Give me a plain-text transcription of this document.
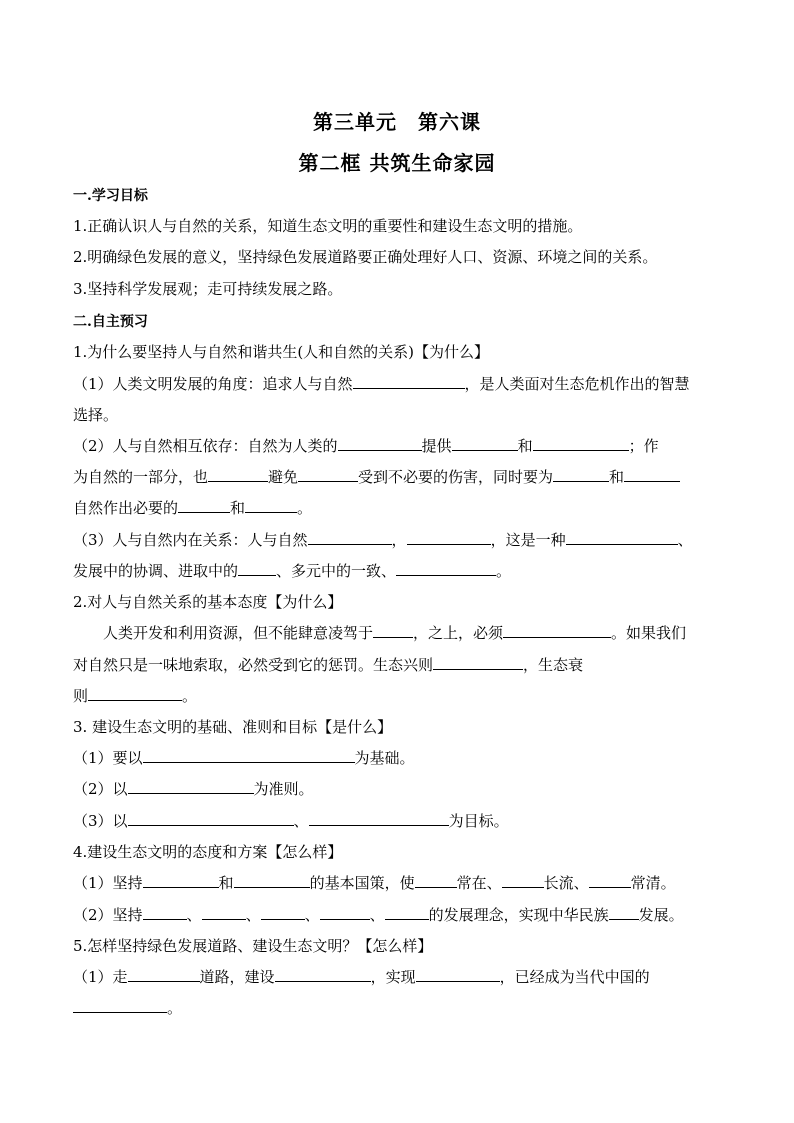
第三单元　第六课
第二框 共筑生命家园
一.学习目标
1.正确认识人与自然的关系，知道生态文明的重要性和建设生态文明的措施。
2.明确绿色发展的意义，坚持绿色发展道路要正确处理好人口、资源、环境之间的关系。
3.坚持科学发展观；走可持续发展之路。
二.自主预习
1.为什么要坚持人与自然和谐共生(人和自然的关系)【为什么】
（1）人类文明发展的角度：追求人与自然	，是人类面对生态危机作出的智慧
选择。
（2）人与自然相互依存：自然为人类的	提供	和	；作
为自然的一部分，也	避免	受到不必要的伤害，同时要为	和
自然作出必要的	和	。
（3）人与自然内在关系：人与自然	，	，这是一种	、
发展中的协调、进取中的	、多元中的一致、	。
2.对人与自然关系的基本态度【为什么】
人类开发和利用资源，但不能肆意凌驾于	，之上，必须	。如果我们
对自然只是一味地索取，必然受到它的惩罚。生态兴则	，生态衰
则	。
3. 建设生态文明的基础、准则和目标【是什么】
（1）要以	为基础。
（2）以	为准则。
（3）以	、	为目标。
4.建设生态文明的态度和方案【怎么样】
（1）坚持	和	的基本国策，使	常在、	长流、	常清。
（2）坚持	、	、	、	、	的发展理念，实现中华民族 发展。
5.怎样坚持绿色发展道路、建设生态文明？【怎么样】
（1）走	道路，建设	，实现	，已经成为当代中国的
。
